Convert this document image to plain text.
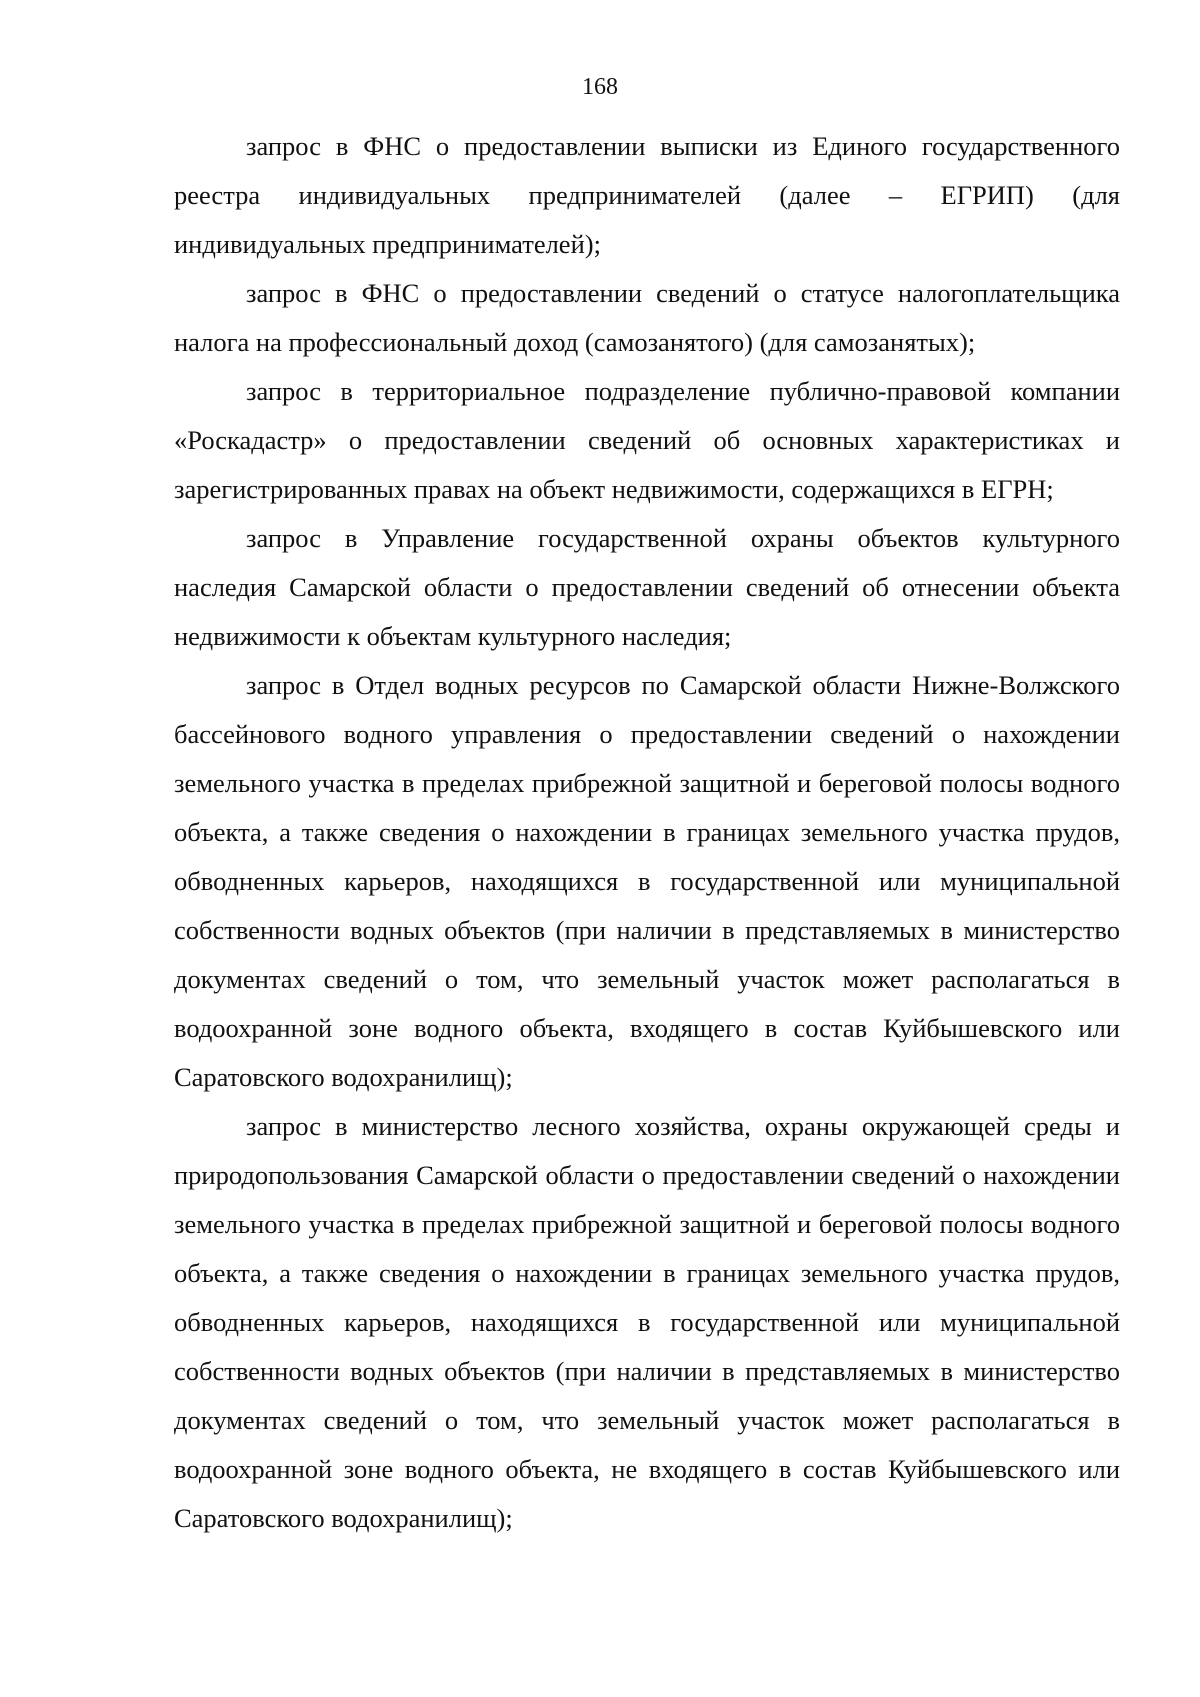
168

запрос в ФНС о предоставлении выписки из Единого государственного реестра индивидуальных предпринимателей (далее – ЕГРИП) (для индивидуальных предпринимателей);

запрос в ФНС о предоставлении сведений о статусе налогоплательщика налога на профессиональный доход (самозанятого) (для самозанятых);

запрос в территориальное подразделение публично-правовой компании «Роскадастр» о предоставлении сведений об основных характеристиках и зарегистрированных правах на объект недвижимости, содержащихся в ЕГРН;

запрос в Управление государственной охраны объектов культурного наследия Самарской области о предоставлении сведений об отнесении объекта недвижимости к объектам культурного наследия;

запрос в Отдел водных ресурсов по Самарской области Нижне-Волжского бассейнового водного управления о предоставлении сведений о нахождении земельного участка в пределах прибрежной защитной и береговой полосы водного объекта, а также сведения о нахождении в границах земельного участка прудов, обводненных карьеров, находящихся в государственной или муниципальной собственности водных объектов (при наличии в представляемых в министерство документах сведений о том, что земельный участок может располагаться в водоохранной зоне водного объекта, входящего в состав Куйбышевского или Саратовского водохранилищ);

запрос в министерство лесного хозяйства, охраны окружающей среды и природопользования Самарской области о предоставлении сведений о нахождении земельного участка в пределах прибрежной защитной и береговой полосы водного объекта, а также сведения о нахождении в границах земельного участка прудов, обводненных карьеров, находящихся в государственной или муниципальной собственности водных объектов (при наличии в представляемых в министерство документах сведений о том, что земельный участок может располагаться в водоохранной зоне водного объекта, не входящего в состав Куйбышевского или Саратовского водохранилищ);
